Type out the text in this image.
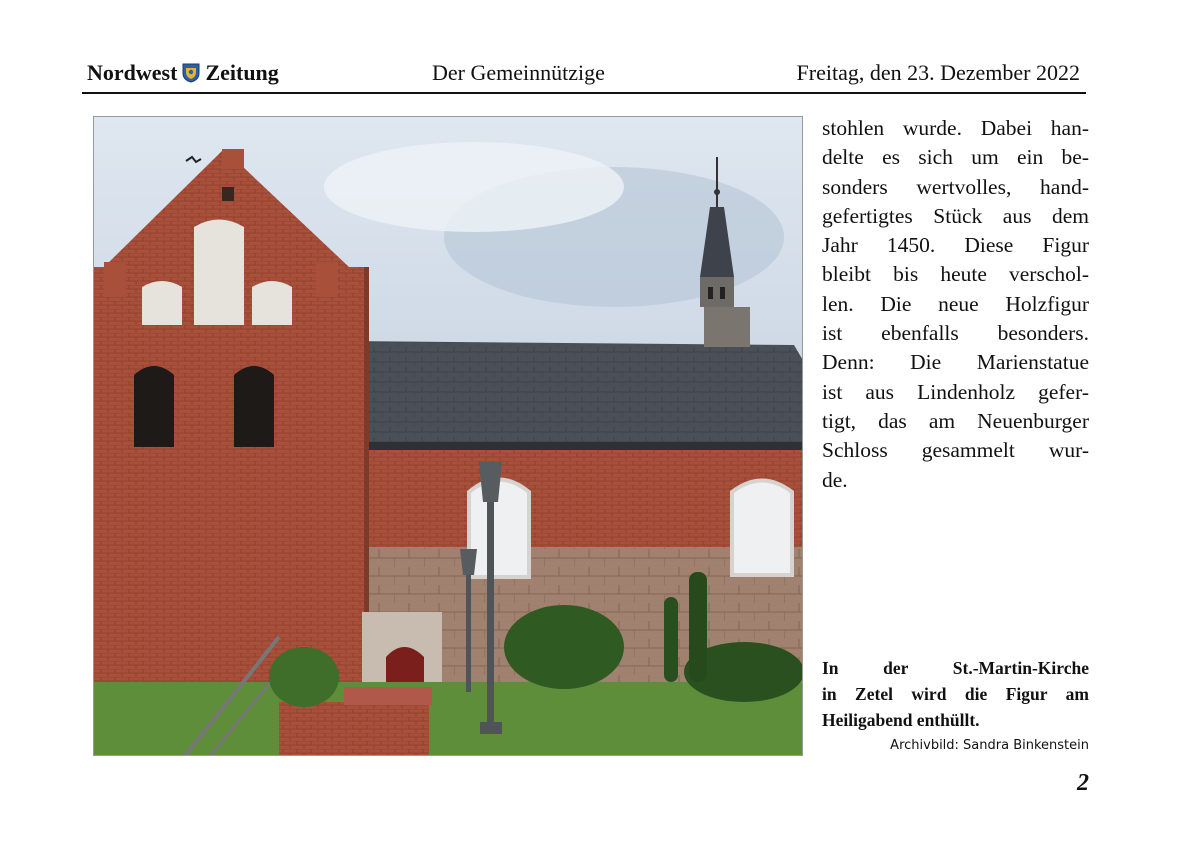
Nordwest Zeitung	Der Gemeinnützige	Freitag, den 23. Dezember 2022
stohlen wurde. Dabei han-
delte es sich um ein be-
sonders wertvolles, hand-
gefertigtes Stück aus dem
Jahr 1450. Diese Figur
bleibt bis heute verschol-
len. Die neue Holzfigur
ist ebenfalls besonders.
Denn: Die Marienstatue
ist aus Lindenholz gefer-
tigt, das am Neuenburger
Schloss gesammelt wur-
de.
In der St.-Martin-Kirche
in Zetel wird die Figur am
Heiligabend enthüllt.
Archivbild: Sandra Binkenstein
2
